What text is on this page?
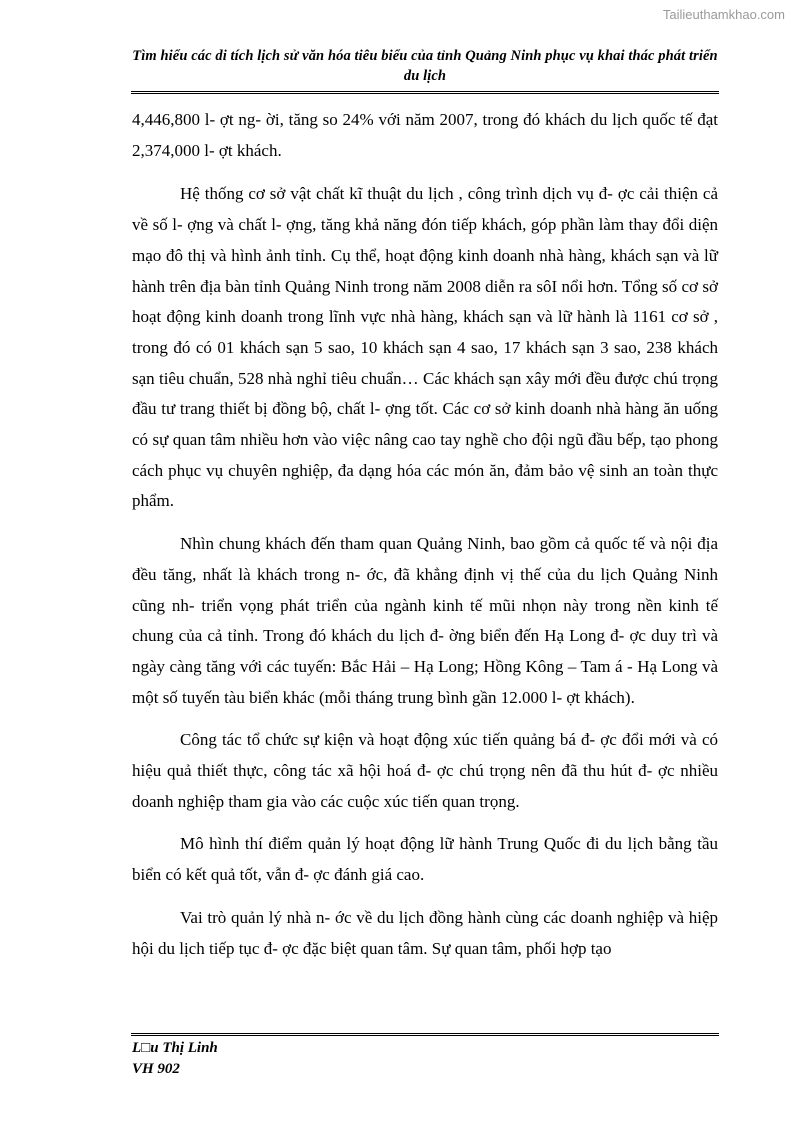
Tailieuthamkhao.com
Tìm hiểu các di tích lịch sử văn hóa tiêu biểu của tỉnh Quảng Ninh phục vụ khai thác phát triển du lịch

4,446,800 l- ợt ng- ời, tăng so 24% với năm 2007, trong đó khách du lịch quốc tế đạt 2,374,000 l- ợt khách.

Hệ thống cơ sở vật chất kĩ thuật du lịch , công trình dịch vụ đ- ợc cải thiện cả về số l- ợng và chất l- ợng, tăng khả năng đón tiếp khách, góp phần làm thay đổi diện mạo đô thị và hình ảnh tỉnh. Cụ thể, hoạt động kinh doanh nhà hàng, khách sạn và lữ hành trên địa bàn tỉnh Quảng Ninh trong năm 2008 diễn ra sôI nổi hơn. Tổng số cơ sở hoạt động kinh doanh trong lĩnh vực nhà hàng, khách sạn và lữ hành là 1161 cơ sở , trong đó có 01 khách sạn 5 sao, 10 khách sạn 4 sao, 17 khách sạn 3 sao, 238 khách sạn tiêu chuẩn, 528 nhà nghỉ tiêu chuẩn… Các khách sạn xây mới đều được chú trọng đầu tư trang thiết bị đồng bộ, chất l- ợng tốt. Các cơ sở kinh doanh nhà hàng ăn uống có sự quan tâm nhiều hơn vào việc nâng cao tay nghề cho đội ngũ đầu bếp, tạo phong cách phục vụ chuyên nghiệp, đa dạng hóa các món ăn, đảm bảo vệ sinh an toàn thực phẩm.

Nhìn chung khách đến tham quan Quảng Ninh, bao gồm cả quốc tế và nội địa đều tăng, nhất là khách trong n- ớc, đã khẳng định vị thế của du lịch Quảng Ninh cũng nh- triển vọng phát triển của ngành kinh tế mũi nhọn này trong nền kinh tế chung của cả tỉnh. Trong đó khách du lịch đ- ờng biển đến Hạ Long đ- ợc duy trì và ngày càng tăng với các tuyến: Bắc Hải – Hạ Long; Hồng Kông – Tam á - Hạ Long và một số tuyến tàu biển khác (mỗi tháng trung bình gần 12.000 l- ợt khách).

Công tác tổ chức sự kiện và hoạt động xúc tiến quảng bá đ- ợc đổi mới và có hiệu quả thiết thực, công tác xã hội hoá đ- ợc chú trọng nên đã thu hút đ- ợc nhiều doanh nghiệp tham gia vào các cuộc xúc tiến quan trọng.

Mô hình thí điểm quản lý hoạt động lữ hành Trung Quốc đi du lịch bằng tầu biển có kết quả tốt, vẫn đ- ợc đánh giá cao.

Vai trò quản lý nhà n- ớc về du lịch đồng hành cùng các doanh nghiệp và hiệp hội du lịch tiếp tục đ- ợc đặc biệt quan tâm. Sự quan tâm, phối hợp tạo

L□u Thị Linh
VH 902
